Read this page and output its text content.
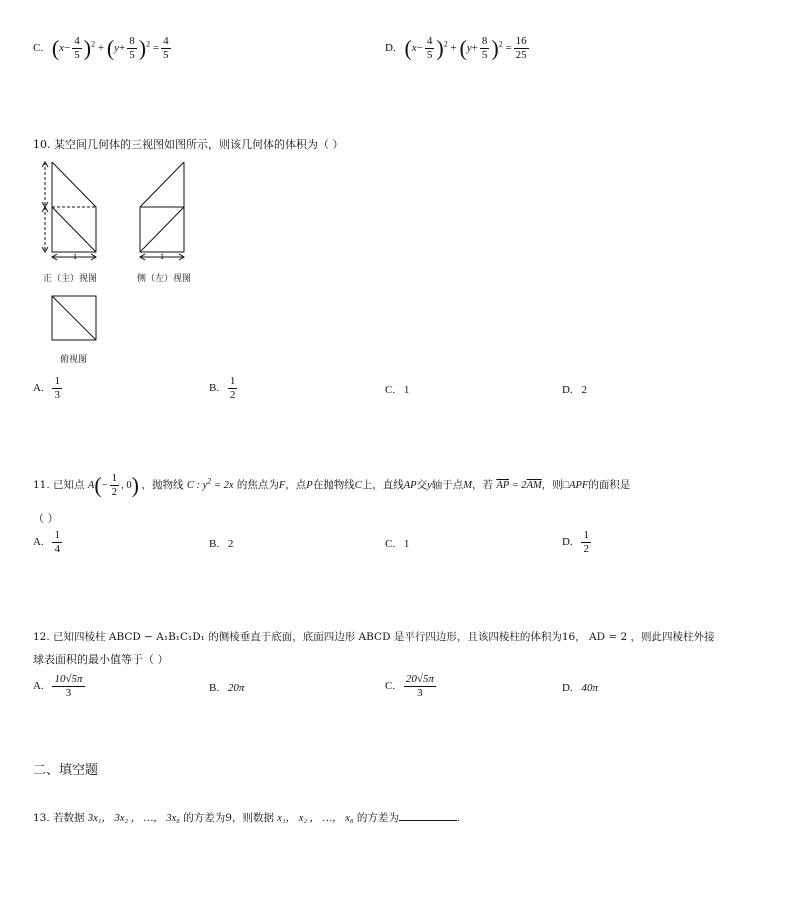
C. $(x- \frac{4}{5} )^2 + (y+ \frac{8}{5} )^2 = \frac{4}{5}$	D. $(x- \frac{4}{5} )^2 + (y+ \frac{8}{5} )^2 = \frac{16}{25}$
10. 某空间几何体的三视图如图所示，则该几何体的体积为（ ）
1	1
正（主）视图	侧（左）视图
俯视图
A. $\frac{1}{3}$	B. $\frac{1}{2}$	C. 1	D. 2
11. 已知点 $A(- \frac{1}{2}$ , 0) ，抛物线 C : $y^2 = 2x$ 的焦点为F，点P在抛物线C上，直线AP交y轴于点M，若 $\overline{AP} = 2\overline{AM}$，则□APF的面积是
（ ）
A. $\frac{1}{4}$	B. 2	C. 1	D. $\frac{1}{2}$
12. 已知四棱柱 ABCD − A₁B₁C₁D₁ 的侧棱垂直于底面，底面四边形 ABCD 是平行四边形，且该四棱柱的体积为16， AD = 2 ，则此四棱柱外接
球表面积的最小值等于（ ）
A. $\frac{10√5\pi}{3}$	B. 20π	C. $\frac{20√5\pi}{3}$	D. 40π
二、填空题
13. 若数据 3x₁， 3x₂ ， …， 3x₈ 的方差为9，则数据 x₁， x₂ ， …， x₈ 的方差为	.
